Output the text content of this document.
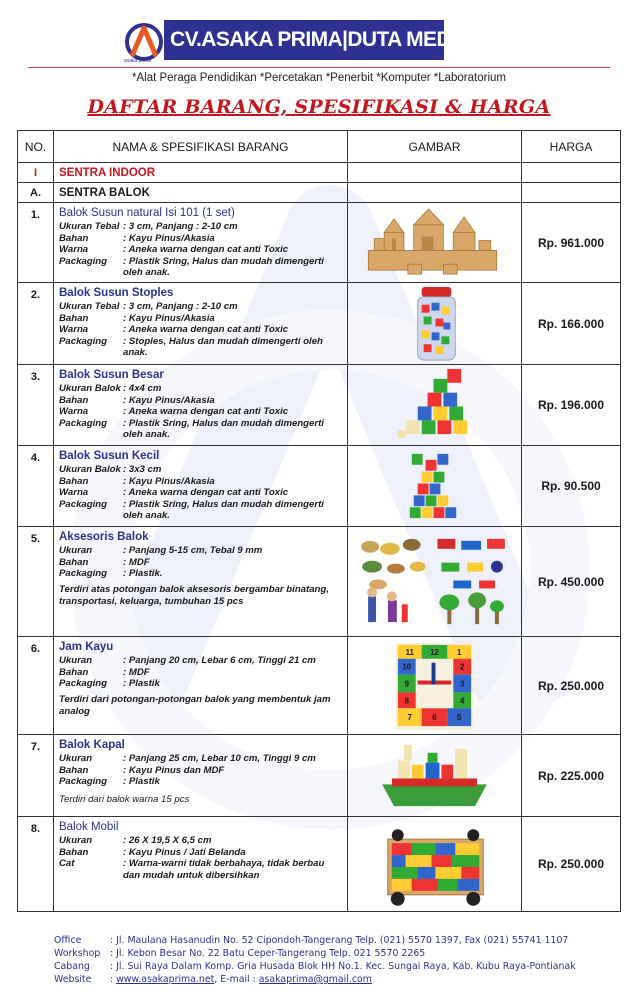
CV.ASAKA PRIMA|DUTA MEDIA GROUP
asaka prima
*Alat Peraga Pendidikan *Percetakan *Penerbit *Komputer *Laboratorium
DAFTAR BARANG, SPESIFIKASI & HARGA
NO.	NAMA & SPESIFIKASI BARANG	GAMBAR	HARGA
I	SENTRA INDOOR
A.	SENTRA BALOK
1.	Balok Susun natural Isi 101 (1 set)
Ukuran Tebal : 3 cm, Panjang : 2-10 cm
Bahan	: Kayu Pinus/Akasia
Warna	: Aneka warna dengan cat anti Toxic
Packaging	: Plastik Sring, Halus dan mudah dimengerti oleh anak.
Rp. 961.000
2.	Balok Susun Stoples
Ukuran Tebal : 3 cm, Panjang : 2-10 cm
Bahan	: Kayu Pinus/Akasia
Warna	: Aneka warna dengan cat anti Toxic
Packaging	: Stoples, Halus dan mudah dimengerti oleh anak.
Rp. 166.000
3.	Balok Susun Besar
Ukuran Balok : 4x4 cm
Bahan	: Kayu Pinus/Akasia
Warna	: Aneka warna dengan cat anti Toxic
Packaging	: Plastik Sring, Halus dan mudah dimengerti oleh anak.
Rp. 196.000
4.	Balok Susun Kecil
Ukuran Balok : 3x3 cm
Bahan	: Kayu Pinus/Akasia
Warna	: Aneka warna dengan cat anti Toxic
Packaging	: Plastik Sring, Halus dan mudah dimengerti oleh anak.
Rp. 90.500
5.	Aksesoris Balok
Ukuran	: Panjang 5-15 cm, Tebal 9 mm
Bahan	: MDF
Packaging	: Plastik.
Terdiri atas potongan balok aksesoris bergambar binatang, transportasi, keluarga, tumbuhan 15 pcs
Rp. 450.000
6.	Jam Kayu
Ukuran	: Panjang 20 cm, Lebar 6 cm, Tinggi 21 cm
Bahan	: MDF
Packaging	: Plastik
Terdiri dari potongan-potongan balok yang membentuk jam analog
11 12 1
10	2
9	3
8	4
7	6	5
Rp. 250.000
7.	Balok Kapal
Ukuran	: Panjang 25 cm, Lebar 10 cm, Tinggi 9 cm
Bahan	: Kayu Pinus dan MDF
Packaging	: Plastik
Terdiri dari balok warna 15 pcs
Rp. 225.000
8.	Balok Mobil
Ukuran	: 26 X 19,5 X 6,5 cm
Bahan	: Kayu Pinus / Jati Belanda
Cat	: Warna-warni tidak berbahaya, tidak berbau dan mudah untuk dibersihkan
Rp. 250.000
Office	: Jl. Maulana Hasanudin No. 52 Cipondoh-Tangerang Telp. (021) 5570 1397, Fax (021) 55741 1107
Workshop	: Jl. Kebon Besar No. 22 Batu Ceper-Tangerang Telp. 021 5570 2265
Cabang	: Jl. Sui Raya Dalam Komp. Gria Husada Blok HH No.1. Kec. Sungai Raya, Kab. Kubu Raya-Pontianak
Website	: www.asakaprima.net, E-mail : asakaprima@gmail.com
